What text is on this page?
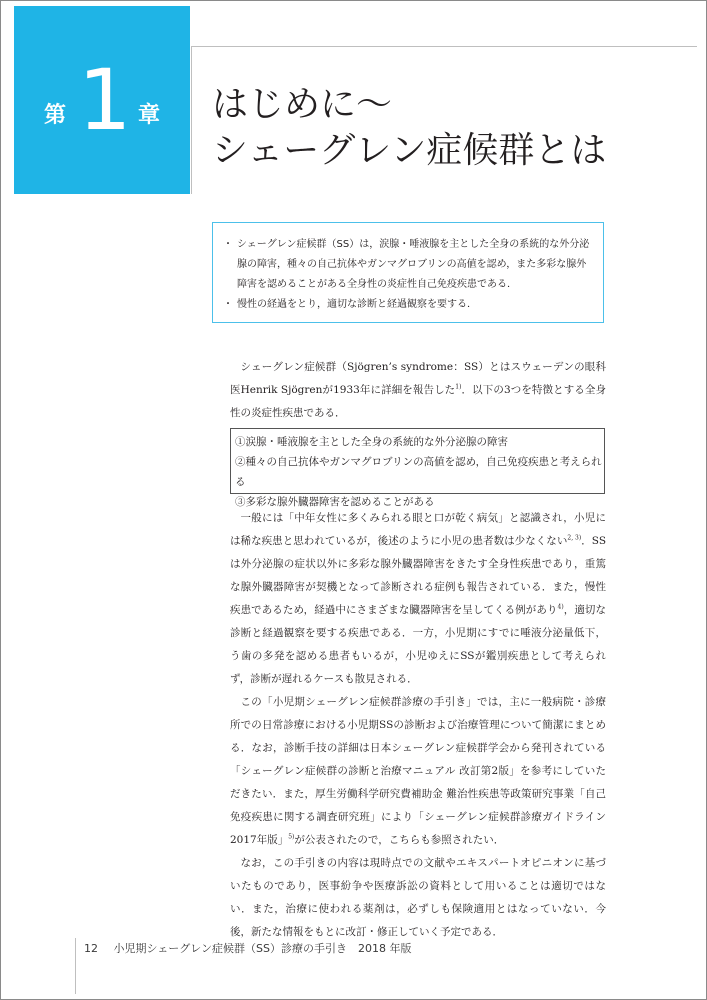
第 1 章 はじめに～
シェーグレン症候群とは
・ シェーグレン症候群（SS）は，涙腺・唾液腺を主とした全身の系統的な外分泌腺の障害，種々の自己抗体やガンマグロブリンの高値を認め，また多彩な腺外障害を認めることがある全身性の炎症性自己免疫疾患である．
・ 慢性の経過をとり，適切な診断と経過観察を要する．

シェーグレン症候群（Sjögren’s syndrome：SS）とはスウェーデンの眼科医Henrik Sjögrenが1933年に詳細を報告した$^{1)}$．以下の3つを特徴とする全身性の炎症性疾患である．

①涙腺・唾液腺を主とした全身の系統的な外分泌腺の障害
②種々の自己抗体やガンマグロブリンの高値を認め，自己免疫疾患と考えられる
③多彩な腺外臓器障害を認めることがある

一般には「中年女性に多くみられる眼と口が乾く病気」と認識され，小児には稀な疾患と思われているが，後述のように小児の患者数は少なくない$^{2, 3)}$．SSは外分泌腺の症状以外に多彩な腺外臓器障害をきたす全身性疾患であり，重篤な腺外臓器障害が契機となって診断される症例も報告されている．また，慢性疾患であるため，経過中にさまざまな臓器障害を呈してくる例があり$^{4)}$，適切な診断と経過観察を要する疾患である．一方，小児期にすでに唾液分泌量低下，う歯の多発を認める患者もいるが，小児ゆえにSSが鑑別疾患として考えられず，診断が遅れるケースも散見される．

この「小児期シェーグレン症候群診療の手引き」では，主に一般病院・診療所での日常診療における小児期SSの診断および治療管理について簡潔にまとめる．なお，診断手技の詳細は日本シェーグレン症候群学会から発刊されている「シェーグレン症候群の診断と治療マニュアル 改訂第2版」を参考にしていただきたい．また，厚生労働科学研究費補助金 難治性疾患等政策研究事業「自己免疫疾患に関する調査研究班」により「シェーグレン症候群診療ガイドライン2017年版」$^{5)}$が公表されたので，こちらも参照されたい．

なお，この手引きの内容は現時点での文献やエキスパートオピニオンに基づいたものであり，医事紛争や医療訴訟の資料として用いることは適切ではない．また，治療に使われる薬剤は，必ずしも保険適用とはなっていない．今後，新たな情報をもとに改訂・修正していく予定である．

12 小児期シェーグレン症候群（SS）診療の手引き　2018 年版
